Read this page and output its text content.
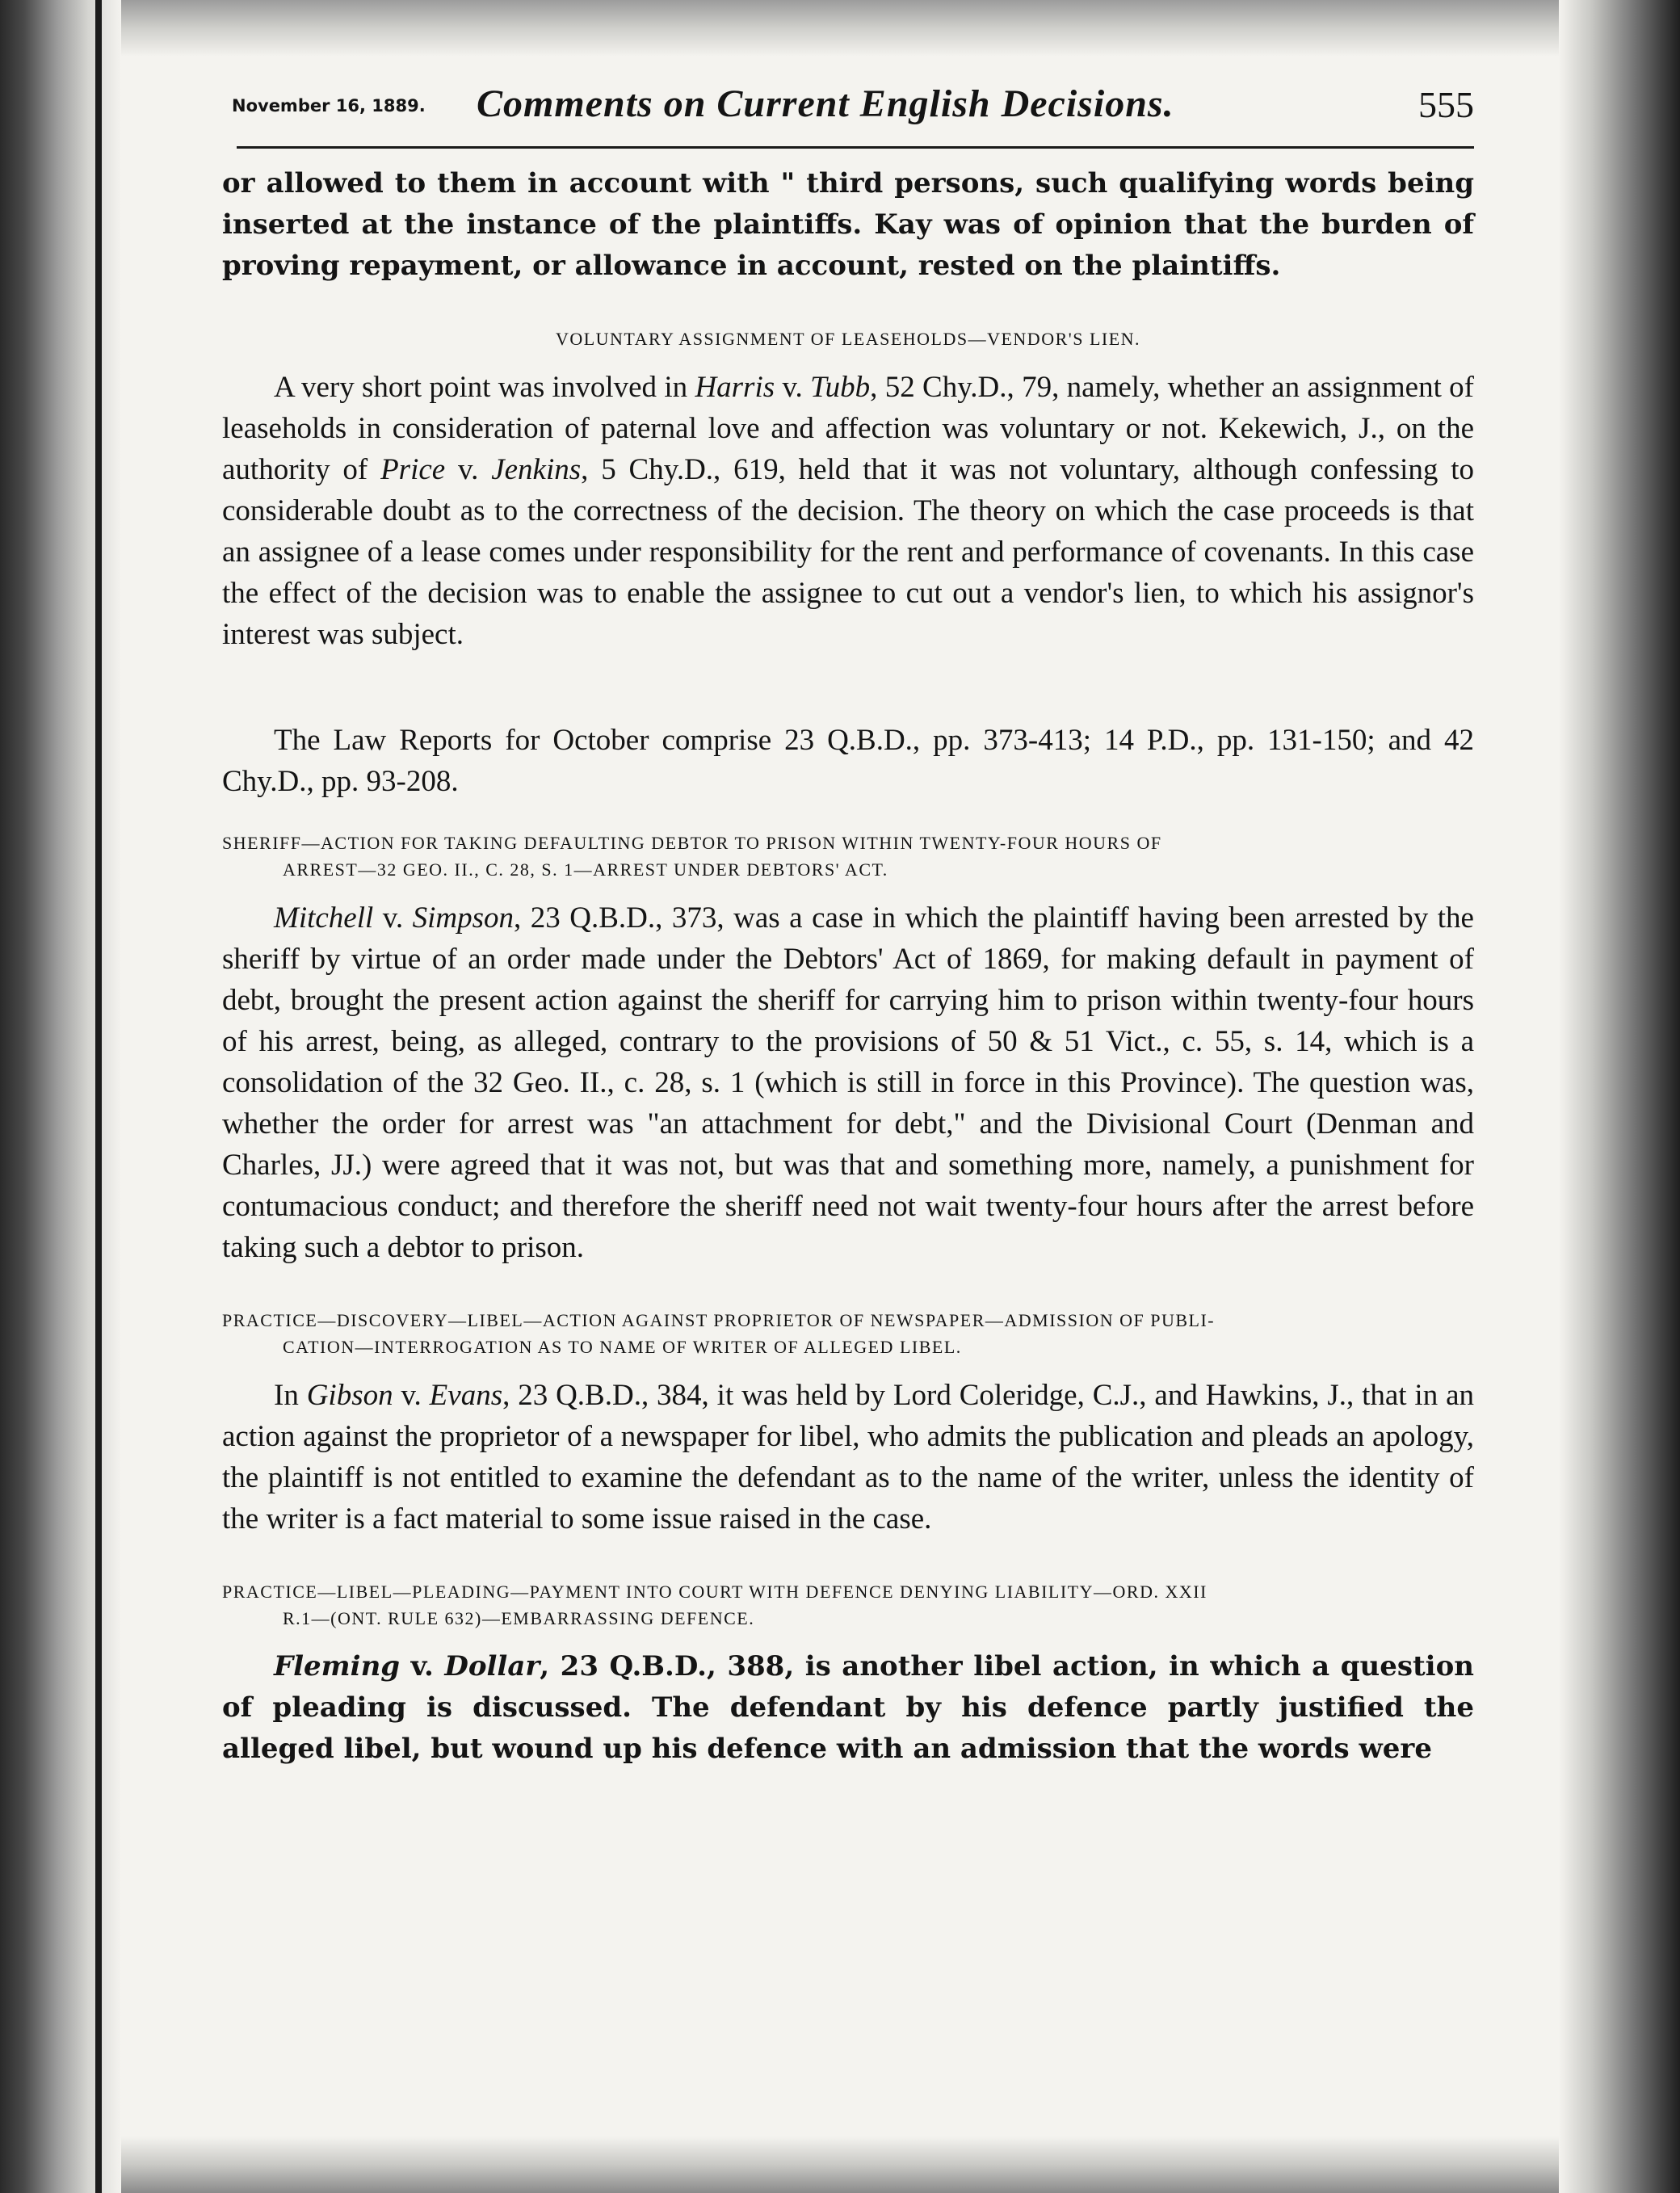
November 16, 1889. Comments on Current English Decisions.	555

or allowed to them in account with " third persons, such qualifying words being inserted at the instance of the plaintiffs. Kay was of opinion that the burden of proving repayment, or allowance in account, rested on the plaintiffs.

VOLUNTARY ASSIGNMENT OF LEASEHOLDS—VENDOR'S LIEN.

A very short point was involved in Harris v. Tubb, 52 Chy.D., 79, namely, whether an assignment of leaseholds in consideration of paternal love and affection was voluntary or not. Kekewich, J., on the authority of Price v. Jenkins, 5 Chy.D., 619, held that it was not voluntary, although confessing to considerable doubt as to the correctness of the decision. The theory on which the case proceeds is that an assignee of a lease comes under responsibility for the rent and performance of covenants. In this case the effect of the decision was to enable the assignee to cut out a vendor's lien, to which his assignor's interest was subject.

The Law Reports for October comprise 23 Q.B.D., pp. 373-413; 14 P.D., pp. 131-150; and 42 Chy.D., pp. 93-208.

SHERIFF—ACTION FOR TAKING DEFAULTING DEBTOR TO PRISON WITHIN TWENTY-FOUR HOURS OF
ARREST—32 GEO. II., C. 28, S. 1—ARREST UNDER DEBTORS' ACT.

Mitchell v. Simpson, 23 Q.B.D., 373, was a case in which the plaintiff having been arrested by the sheriff by virtue of an order made under the Debtors' Act of 1869, for making default in payment of debt, brought the present action against the sheriff for carrying him to prison within twenty-four hours of his arrest, being, as alleged, contrary to the provisions of 50 & 51 Vict., c. 55, s. 14, which is a consolidation of the 32 Geo. II., c. 28, s. 1 (which is still in force in this Province). The question was, whether the order for arrest was "an attachment for debt," and the Divisional Court (Denman and Charles, JJ.) were agreed that it was not, but was that and something more, namely, a punishment for contumacious conduct; and therefore the sheriff need not wait twenty-four hours after the arrest before taking such a debtor to prison.

PRACTICE—DISCOVERY—LIBEL—ACTION AGAINST PROPRIETOR OF NEWSPAPER—ADMISSION OF PUBLI-
CATION—INTERROGATION AS TO NAME OF WRITER OF ALLEGED LIBEL.

In Gibson v. Evans, 23 Q.B.D., 384, it was held by Lord Coleridge, C.J., and Hawkins, J., that in an action against the proprietor of a newspaper for libel, who admits the publication and pleads an apology, the plaintiff is not entitled to examine the defendant as to the name of the writer, unless the identity of the writer is a fact material to some issue raised in the case.

PRACTICE—LIBEL—PLEADING—PAYMENT INTO COURT WITH DEFENCE DENYING LIABILITY—ORD. XXII
R.1—(ONT. RULE 632)—EMBARRASSING DEFENCE.

Fleming v. Dollar, 23 Q.B.D., 388, is another libel action, in which a question of pleading is discussed. The defendant by his defence partly justified the alleged libel, but wound up his defence with an admission that the words were
